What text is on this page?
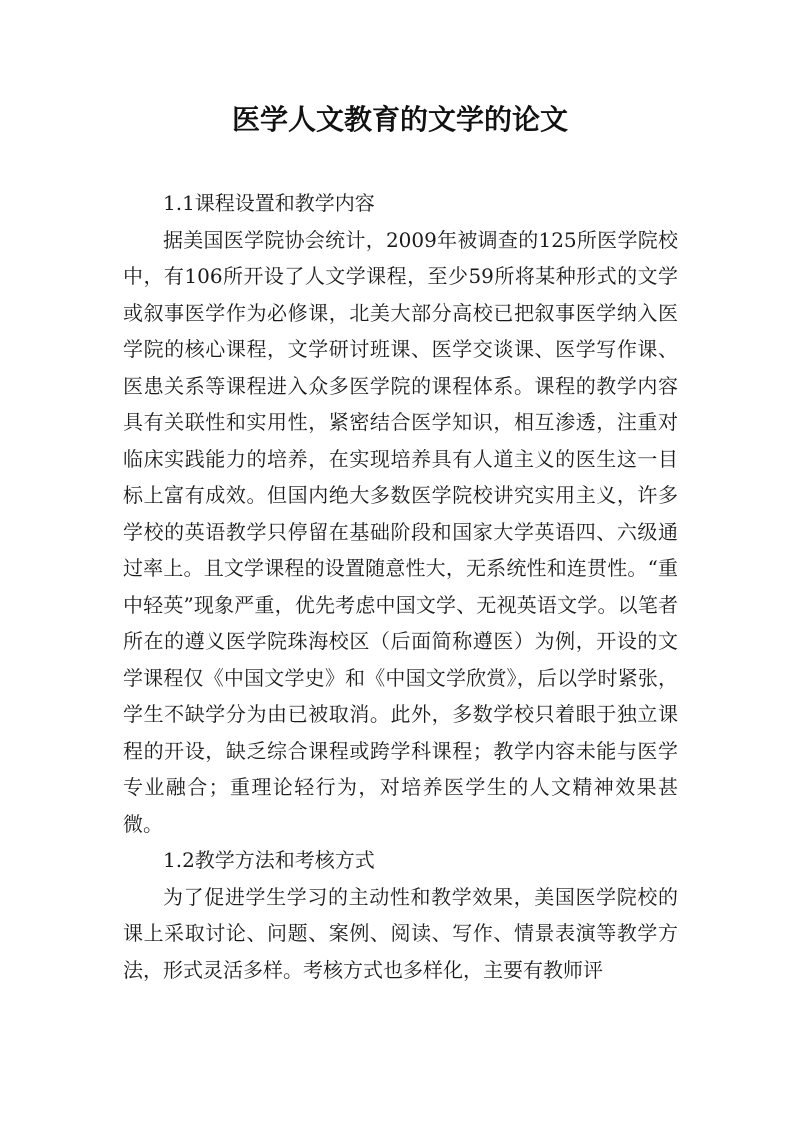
医学人文教育的文学的论文

1.1课程设置和教学内容

据美国医学院协会统计，2009年被调查的125所医学院校中，有106所开设了人文学课程，至少59所将某种形式的文学或叙事医学作为必修课，北美大部分高校已把叙事医学纳入医学院的核心课程，文学研讨班课、医学交谈课、医学写作课、医患关系等课程进入众多医学院的课程体系。课程的教学内容具有关联性和实用性，紧密结合医学知识，相互渗透，注重对临床实践能力的培养，在实现培养具有人道主义的医生这一目标上富有成效。但国内绝大多数医学院校讲究实用主义，许多学校的英语教学只停留在基础阶段和国家大学英语四、六级通过率上。且文学课程的设置随意性大，无系统性和连贯性。“重中轻英”现象严重，优先考虑中国文学、无视英语文学。以笔者所在的遵义医学院珠海校区（后面简称遵医）为例，开设的文学课程仅《中国文学史》和《中国文学欣赏》，后以学时紧张，学生不缺学分为由已被取消。此外，多数学校只着眼于独立课程的开设，缺乏综合课程或跨学科课程；教学内容未能与医学专业融合；重理论轻行为，对培养医学生的人文精神效果甚微。

1.2教学方法和考核方式

为了促进学生学习的主动性和教学效果，美国医学院校的课上采取讨论、问题、案例、阅读、写作、情景表演等教学方法，形式灵活多样。考核方式也多样化，主要有教师评
